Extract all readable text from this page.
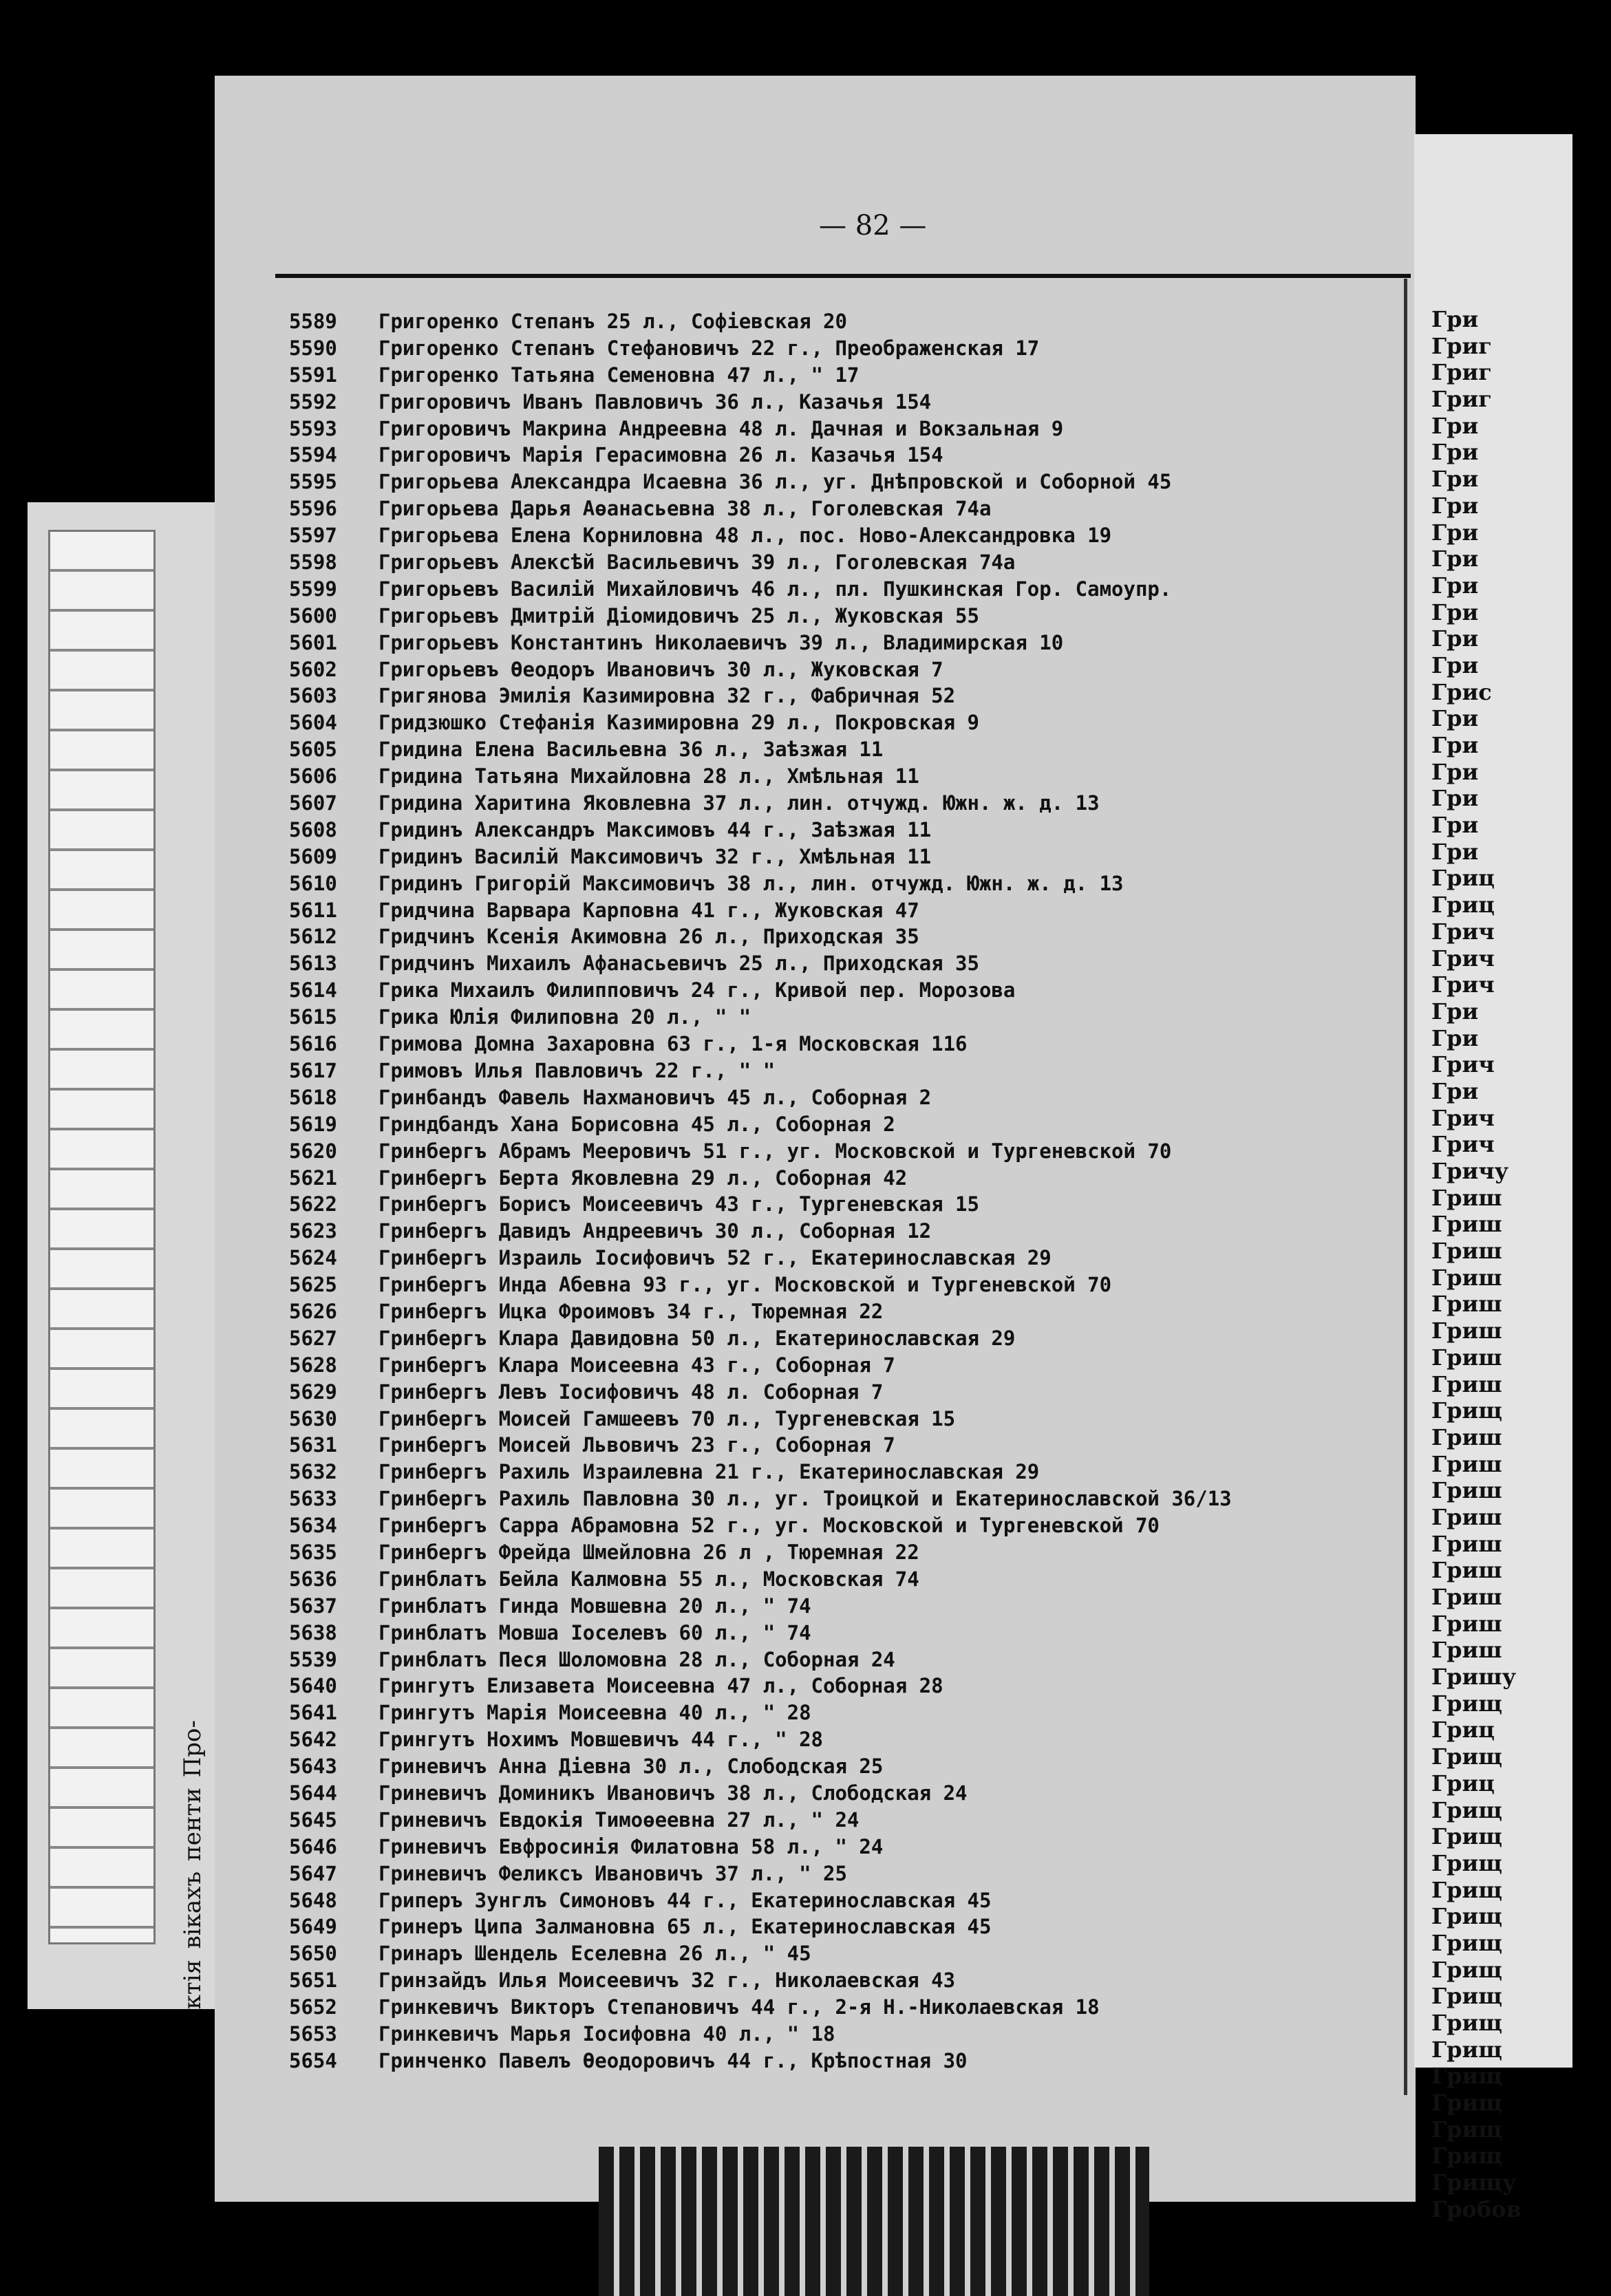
Про-
пенти
вікахъ
ктія
Гри
Григ
Григ
Григ
Гри
Гри
Гри
Гри
Гри
Гри
Гри
Гри
Гри
Гри
Грис
Гри
Гри
Гри
Гри
Гри
Гри
Гриц
Гриц
Грич
Грич
Грич
Гри
Гри
Грич
Гри
Грич
Грич
Гричу
Гриш
Гриш
Гриш
Гриш
Гриш
Гриш
Гриш
Гриш
Грищ
Гриш
Гриш
Гриш
Гриш
Гриш
Гриш
Гриш
Гриш
Гриш
Гришу
Грищ
Гриц
Грищ
Гриц
Грищ
Грищ
Грищ
Грищ
Грищ
Грищ
Грищ
Грищ
Грищ
Грищ
Грищ
Грищ
Грищ
Грищ
Грищу
Гробов
— 82 —
5589	Григоренко Степанъ 25 л., Софіевская 20
5590	Григоренко Степанъ Стефановичъ 22 г., Преображенская 17
5591	Григоренко Татьяна Семеновна 47 л., " 17
5592	Григоровичъ Иванъ Павловичъ 36 л., Казачья 154
5593	Григоровичъ Макрина Андреевна 48 л. Дачная и Вокзальная 9
5594	Григоровичъ Марія Герасимовна 26 л. Казачья 154
5595	Григорьева Александра Исаевна 36 л., уг. Днѣпровской и Соборной 45
5596	Григорьева Дарья Аѳанасьевна 38 л., Гоголевская 74а
5597	Григорьева Елена Корниловна 48 л., пос. Ново-Александровка 19
5598	Григорьевъ Алексѣй Васильевичъ 39 л., Гоголевская 74а
5599	Григорьевъ Василій Михайловичъ 46 л., пл. Пушкинская Гор. Самоупр.
5600	Григорьевъ Дмитрій Діомидовичъ 25 л., Жуковская 55
5601	Григорьевъ Константинъ Николаевичъ 39 л., Владимирская 10
5602	Григорьевъ Ѳеодоръ Ивановичъ 30 л., Жуковская 7
5603	Григянова Эмилія Казимировна 32 г., Фабричная 52
5604	Гридзюшко Стефанія Казимировна 29 л., Покровская 9
5605	Гридина Елена Васильевна 36 л., Заѣзжая 11
5606	Гридина Татьяна Михайловна 28 л., Хмѣльная 11
5607	Гридина Харитина Яковлевна 37 л., лин. отчужд. Южн. ж. д. 13
5608	Гридинъ Александръ Максимовъ 44 г., Заѣзжая 11
5609	Гридинъ Василій Максимовичъ 32 г., Хмѣльная 11
5610	Гридинъ Григорій Максимовичъ 38 л., лин. отчужд. Южн. ж. д. 13
5611	Гридчина Варвара Карповна 41 г., Жуковская 47
5612	Гридчинъ Ксенія Акимовна 26 л., Приходская 35
5613	Гридчинъ Михаилъ Афанасьевичъ 25 л., Приходская 35
5614	Грика Михаилъ Филипповичъ 24 г., Кривой пер. Морозова
5615	Грика Юлія Филиповна 20 л., " "
5616	Гримова Домна Захаровна 63 г., 1-я Московская 116
5617	Гримовъ Илья Павловичъ 22 г., " "
5618	Гринбандъ Фавель Нахмановичъ 45 л., Соборная 2
5619	Гриндбандъ Хана Борисовна 45 л., Соборная 2
5620	Гринбергъ Абрамъ Мееровичъ 51 г., уг. Московской и Тургеневской 70
5621	Гринбергъ Берта Яковлевна 29 л., Соборная 42
5622	Гринбергъ Борисъ Моисеевичъ 43 г., Тургеневская 15
5623	Гринбергъ Давидъ Андреевичъ 30 л., Соборная 12
5624	Гринбергъ Израиль Іосифовичъ 52 г., Екатеринославская 29
5625	Гринбергъ Инда Абевна 93 г., уг. Московской и Тургеневской 70
5626	Гринбергъ Ицка Фроимовъ 34 г., Тюремная 22
5627	Гринбергъ Клара Давидовна 50 л., Екатеринославская 29
5628	Гринбергъ Клара Моисеевна 43 г., Соборная 7
5629	Гринбергъ Левъ Іосифовичъ 48 л. Соборная 7
5630	Гринбергъ Моисей Гамшеевъ 70 л., Тургеневская 15
5631	Гринбергъ Моисей Львовичъ 23 г., Соборная 7
5632	Гринбергъ Рахиль Израилевна 21 г., Екатеринославская 29
5633	Гринбергъ Рахиль Павловна 30 л., уг. Троицкой и Екатеринославской 36/13
5634	Гринбергъ Сарра Абрамовна 52 г., уг. Московской и Тургеневской 70
5635	Гринбергъ Фрейда Шмейловна 26 л , Тюремная 22
5636	Гринблатъ Бейла Калмовна 55 л., Московская 74
5637	Гринблатъ Гинда Мовшевна 20 л., " 74
5638	Гринблатъ Мовша Іоселевъ 60 л., " 74
5539	Гринблатъ Песя Шоломовна 28 л., Соборная 24
5640	Грингутъ Елизавета Моисеевна 47 л., Соборная 28
5641	Грингутъ Марія Моисеевна 40 л., " 28
5642	Грингутъ Нохимъ Мовшевичъ 44 г., " 28
5643	Гриневичъ Анна Діевна 30 л., Слободская 25
5644	Гриневичъ Доминикъ Ивановичъ 38 л., Слободская 24
5645	Гриневичъ Евдокія Тимоѳеевна 27 л., " 24
5646	Гриневичъ Евфросинія Филатовна 58 л., " 24
5647	Гриневичъ Феликсъ Ивановичъ 37 л., " 25
5648	Гриперъ Зунглъ Симоновъ 44 г., Екатеринославская 45
5649	Гринеръ Ципа Залмановна 65 л., Екатеринославская 45
5650	Гринаръ Шендель Еселевна 26 л., " 45
5651	Гринзайдъ Илья Моисеевичъ 32 г., Николаевская 43
5652	Гринкевичъ Викторъ Степановичъ 44 г., 2-я Н.-Николаевская 18
5653	Гринкевичъ Марья Іосифовна 40 л., " 18
5654	Гринченко Павелъ Ѳеодоровичъ 44 г., Крѣпостная 30
